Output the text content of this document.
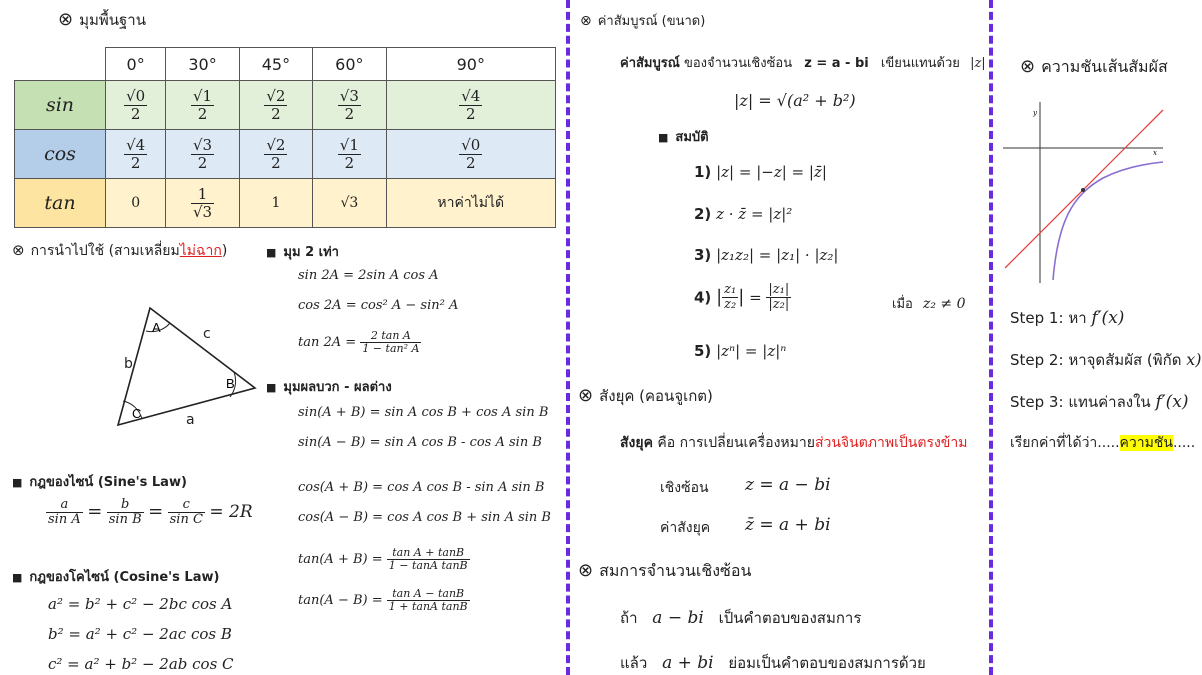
⊗ มุมพื้นฐาน
	0°	30°	45°	60°	90°
sin	$\frac{√0}{2}$	$\frac{√1}{2}$	$\frac{√2}{2}$	$\frac{√3}{2}$	$\frac{√4}{2}$

cos	$\frac{√4}{2}$	$\frac{√3}{2}$	$\frac{√2}{2}$	$\frac{√1}{2}$	$\frac{√0}{2}$

tan	0	$\frac{1}{√3}$	1	√3	หาค่าไม่ได้
⊗ การนำไปใช้ (สามเหลี่ยมไม่ฉาก)
A
B
C
c
b
a
■ กฎของไซน์ (Sine's Law)
$\frac{a}{\text{sin A}} = \frac{b}{\text{sin B}} = \frac{c}{\text{sin C}} = 2R$
■ กฎของโคไซน์ (Cosine's Law)
a² = b² + c² − 2bc cos A
b² = a² + c² − 2ac cos B
c² = a² + b² − 2ab cos C
■ มุม 2 เท่า
sin 2A = 2sin A cos A
cos 2A = cos² A − sin² A
$\tan 2A = \frac{\text{2 tan A}}{\text{1 − tan² A}}$
■ มุมผลบวก - ผลต่าง
sin(A + B) = sin A cos B + cos A sin B
sin(A − B) = sin A cos B - cos A sin B
cos(A + B) = cos A cos B - sin A sin B
cos(A − B) = cos A cos B + sin A sin B
$\tan(A + B) = \frac{\text{tan A + tanB}}{\text{1 − tanA tanB}}$
$\tan(A - B) = \frac{\text{tan A − tanB}}{\text{1 + tanA tanB}}$
⊗ ค่าสัมบูรณ์ (ขนาด)
ค่าสัมบูรณ์ ของจำนวนเชิงซ้อน z = a - bi เขียนแทนด้วย |z|
|z| = √(a² + b²)
■ สมบัติ
1) |z| = |−z| = |z̄|
2) z · z̄ = |z|²
3) |z₁z₂| = |z₁| · |z₂|
4) | $\frac{\text{z₁}}{\text{z₂}}$ | = $\frac{\text{|z₁|}}{\text{|z₂|}}$	เมื่อ z₂ ≠ 0
5) |zⁿ| = |z|ⁿ
⊗ สังยุค (คอนจูเกต)
สังยุค คือ การเปลี่ยนเครื่องหมายส่วนจินตภาพเป็นตรงข้าม
เชิงซ้อน z = a − bi
ค่าสังยุค z̄ = a + bi
⊗ สมการจำนวนเชิงซ้อน
ถ้า a − bi เป็นคำตอบของสมการ
แล้ว a + bi ย่อมเป็นคำตอบของสมการด้วย
⊗ ความชันเส้นสัมผัส
y
x
Step 1: หา f′(x)
Step 2: หาจุดสัมผัส (พิกัด x)
Step 3: แทนค่าลงใน f′(x)
เรียกค่าที่ได้ว่า.....ความชัน.....
